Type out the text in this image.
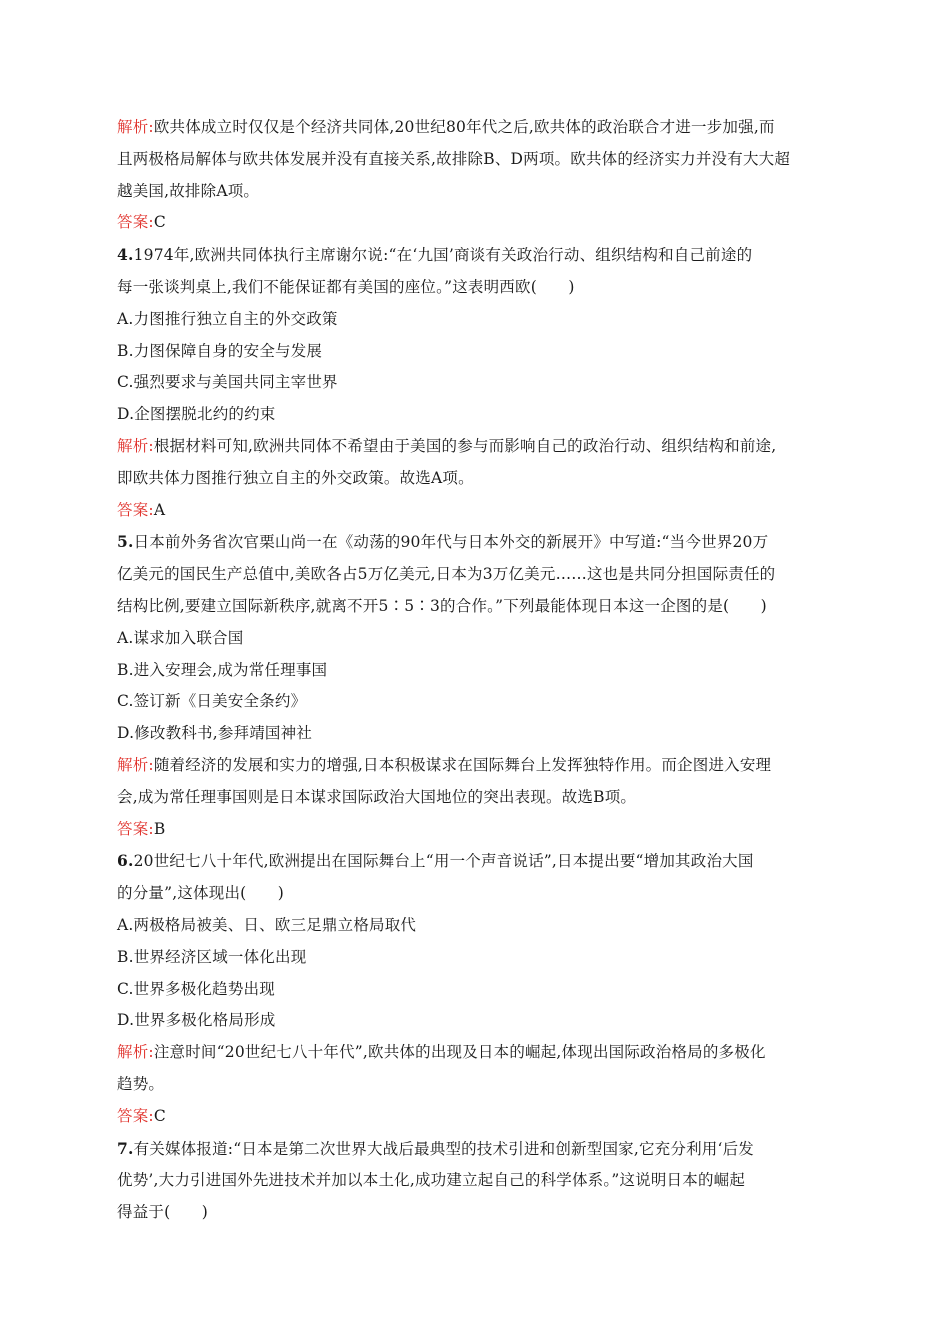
解析:欧共体成立时仅仅是个经济共同体,20世纪80年代之后,欧共体的政治联合才进一步加强,而
且两极格局解体与欧共体发展并没有直接关系,故排除B、D两项。欧共体的经济实力并没有大大超
越美国,故排除A项。
答案:C
4.1974年,欧洲共同体执行主席谢尔说:“在‘九国’商谈有关政治行动、组织结构和自己前途的
每一张谈判桌上,我们不能保证都有美国的座位。”这表明西欧(　　)
A.力图推行独立自主的外交政策
B.力图保障自身的安全与发展
C.强烈要求与美国共同主宰世界
D.企图摆脱北约的约束
解析:根据材料可知,欧洲共同体不希望由于美国的参与而影响自己的政治行动、组织结构和前途,
即欧共体力图推行独立自主的外交政策。故选A项。
答案:A
5.日本前外务省次官栗山尚一在《动荡的90年代与日本外交的新展开》中写道:“当今世界20万
亿美元的国民生产总值中,美欧各占5万亿美元,日本为3万亿美元……这也是共同分担国际责任的
结构比例,要建立国际新秩序,就离不开5∶5∶3的合作。”下列最能体现日本这一企图的是(　　)
A.谋求加入联合国
B.进入安理会,成为常任理事国
C.签订新《日美安全条约》
D.修改教科书,参拜靖国神社
解析:随着经济的发展和实力的增强,日本积极谋求在国际舞台上发挥独特作用。而企图进入安理
会,成为常任理事国则是日本谋求国际政治大国地位的突出表现。故选B项。
答案:B
6.20世纪七八十年代,欧洲提出在国际舞台上“用一个声音说话”,日本提出要“增加其政治大国
的分量”,这体现出(　　)
A.两极格局被美、日、欧三足鼎立格局取代
B.世界经济区域一体化出现
C.世界多极化趋势出现
D.世界多极化格局形成
解析:注意时间“20世纪七八十年代”,欧共体的出现及日本的崛起,体现出国际政治格局的多极化
趋势。
答案:C
7.有关媒体报道:“日本是第二次世界大战后最典型的技术引进和创新型国家,它充分利用‘后发
优势’,大力引进国外先进技术并加以本土化,成功建立起自己的科学体系。”这说明日本的崛起
得益于(　　)
